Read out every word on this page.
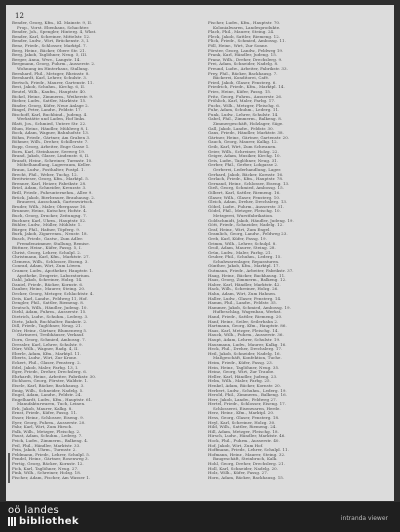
12
Bender, Georg, Kfm., Kl. Mainstr. 9, II.
Prop., Vorst. Ebenhans, Schachter.
Bender, Joh., Spengler, Hinterg. 4, Wkst.
Bender, Karl, Schreiner, Mittelstr. 12.
Bender, Ludw., Wirt, Brückenstr. 3, I.
Benz, Friedr., Schlosser, Marktpl. 7.
Berg, Heinr., Bäcker, Obere Str. 21.
Berg, Jakob, Taglöhner, Neug. 5, III.
Berger, Anna, Wwe., Langstr. 14.
Bergmann, Georg, Fuhrm., Ausserstr. 2.
Wohnung im Hinterhaus, Stallung.
Bernhard, Phil., Metzger, Rheinstr. 8.
Bernhardt, Karl, Lehrer, Schulstr. 3.
Bertsch, Friedr., Maurer, Gartenstr. 11.
Best, Jakob, Schuhm., Kirchg. 6, II.
Beutel, Wilh., Kaufm., Hauptstr. 40.
Bickel, Heinr., Zimmerm., Weiherstr. 9.
Bieber, Ludw., Sattler, Marktstr. 15.
Binder, Georg, Küfer, Neue Anlage 2.
Bingel, Peter, Landw., Feldstr. 17.
Bischoff, Karl, Buchbind., Judeng. 4.
Werkstätte und Laden, Hof links.
Blatt, Jos., Schmied, Untere Str. 22.
Blum, Heinr., Händler, Mühlweg 8, I.
Bock, Adam, Wagner, Bahnhofstr. 13.
Böhm, Friedr., Gärtner, Am Graben 3.
Böhmer, Wilh., Dreher, Schillerstr. 7.
Bopp, Georg, Arbeiter, Enge Gasse 1.
Born, Karl, Steinhauer, Seeweg 19.
Brand, Jakob, Glaser, Lindenstr. 6, II.
Brandt, Heinr., Schreiner, Turmstr. 10.
Möbelhandlung, Lagerraum, Keller.
Braun, Ludw., Posthalter, Postpl. 1.
Brecht, Phil., Weber, Tuchg. 12.
Breitwieser, Georg, Kfm., Marktpl. 5.
Brenner, Karl, Heizer, Fabrikstr. 28.
Briel, Adam, Schneider, Kreuzstr. 3.
Brill, Friedr., Fuhrunternehm., Allee 9.
Brück, Jakob, Bierbrauer, Brauhausg. 2.
Brauerei, Ausschank, Gartenwirtsch.
Bruder, Wilh., Maler, Obergasse 16.
Brunner, Heinr., Kutscher, Hofstr. 4.
Buch, Georg, Drucker, Zeitungsg. 7.
Buchner, Karl, Uhrm., Hauptstr. 52.
Bühler, Ludw., Müller, Mühlstr. 1.
Bürger, Phil., Hafner, Töpferg. 9.
Burk, Jakob, Zigarrenm., Neustr. 18.
Busch, Friedr., Gastw., Zum Adler.
Fremdenzimmer, Stallung, Remise.
Büttner, Heinr., Küfer, Fassg. 5, I.
Christ, Georg, Lehrer, Schulpl. 2.
Christmann, Karl, Kfm., Marktstr. 27.
Clemens, Wilh., Schlosser, Eiseng. 3.
Conrad, Adam, Wirt, Zum Löwen.
Cramer, Ludw., Apotheker, Hauptstr. 1.
Apotheke, Drogerie, Laboratorium.
Dahl, Jakob, Schreiner, Holzg. 14.
Daniel, Friedr., Bäcker, Kornstr. 6.
Dauber, Heinr., Maurer, Steing. 20.
Decker, Georg, Metzger, Schlachtstr. 4.
Deis, Karl, Landw., Feldweg 11, Hof.
Dengler, Phil., Sattler, Riemeng. 8.
Deutsch, Wilh., Händler, Judeng. 10.
Diehl, Adam, Fuhrm., Ausserstr. 15.
Dietrich, Ludw., Schuhm., Lederg. 3.
Dietz, Jakob, Buchhalter, Bankstr. 2.
Dill, Friedr., Taglöhner, Neug. 21.
Dörr, Heinr., Gärtner, Blumenweg 5.
Gärtnerei, Treibhäuser, Verkauf.
Dorn, Georg, Schmied, Ambossg. 7.
Dressler, Karl, Lehrer, Schulstr. 9.
Dürr, Wilh., Wagner, Radg. 4, II.
Eberle, Adam, Kfm., Marktpl. 11.
Eberts, Ludw., Wirt, Zur Krone.
Eckert, Phil., Glaser, Fensterg. 2.
Edel, Jakob, Maler, Farbg. 13, I.
Eger, Friedr., Dreher, Drechslerg. 6.
Ehrhardt, Heinr., Arbeiter, Fabrikstr. 30.
Eichhorn, Georg, Förster, Waldstr. 1.
Eisele, Karl, Bäcker, Backhausg. 3.
Emig, Wilh., Schneider, Nadelg. 5.
Engel, Adam, Landw., Feldstr. 24.
Engelhardt, Ludw., Kfm., Hauptstr. 61.
Manufakturwaren, Tuch, Leinen.
Erb, Jakob, Maurer, Kalkg. 8.
Ernst, Friedr., Küfer, Fassg. 11.
Esser, Heinr., Schlosser, Eiseng. 9.
Eyer, Georg, Fuhrm., Ausserstr. 20.
Fahr, Karl, Wirt, Zum Hirsch.
Falk, Wilh., Metzger, Fleischg. 2.
Faust, Adam, Schuhm., Lederg. 7.
Feick, Ludw., Zimmerm., Balkeng. 4.
Feil, Phil., Händler, Marktstr. 33.
Fein, Jakob, Uhrm., Turmstr. 2.
Feldmann, Friedr., Lehrer, Schulpl. 5.
Fendel, Heinr., Gärtner, Rosenweg 3.
Fertig, Georg, Bäcker, Kornstr. 12.
Fick, Karl, Taglöhner, Neug. 27.
Fink, Wilh., Schreiner, Holzg. 18.
Fischer, Adam, Fischer, Am Wasser 1.
Fischer, Ludw., Kfm., Hauptstr. 70.
Kolonialwaren, Landesprodukte.
Flach, Phil., Maurer, Steing. 24.
Fleck, Jakob, Sattler, Riemeng. 12.
Flick, Friedr., Schmied, Ambossg. 11.
Föll, Heinr., Wirt, Zur Sonne.
Förster, Georg, Landw., Feldweg 19.
Frank, Karl, Händler, Judeng. 15.
Franz, Wilh., Dreher, Drechslerg. 9.
Frei, Adam, Schneider, Nadelg. 8.
Freund, Ludw., Arbeiter, Fabrikstr. 33.
Frey, Phil., Bäcker, Backhausg. 7.
Bäckerei, Konditorei, Café.
Fried, Jakob, Glaser, Fensterg. 6.
Friedrich, Friedr., Kfm., Marktpl. 14.
Fries, Heinr., Küfer, Fassg. 15.
Fritz, Georg, Fuhrm., Ausserstr. 26.
Fröhlich, Karl, Maler, Farbg. 17.
Fuchs, Wilh., Metzger, Fleischg. 6.
Fuhr, Adam, Schuhm., Lederg. 11.
Funk, Ludw., Lehrer, Schulstr. 14.
Gabel, Phil., Zimmerm., Balkeng. 8.
Zimmergeschäft, Holzlager, Säge.
Gall, Jakob, Landw., Feldstr. 30.
Gans, Friedr., Händler, Marktstr. 38.
Gärtner, Heinr., Gärtner, Gartenstr. 20.
Gauch, Georg, Maurer, Kalkg. 12.
Geib, Karl, Wirt, Zum Schwanen.
Geier, Wilh., Schreiner, Holzg. 22.
Geiger, Adam, Musiker, Kirchg. 10.
Geis, Ludw., Taglöhner, Neug. 31.
Gerber, Phil., Gerber, Lohgasse 2.
Gerberei, Lederhandlung, Lager.
Gerhard, Jakob, Bäcker, Kornstr. 16.
Gerlach, Friedr., Kfm., Hauptstr. 78.
Gernand, Heinr., Schlosser, Eiseng. 13.
Gieß, Georg, Schmied, Ambossg. 15.
Gilbert, Karl, Sattler, Riemeng. 16.
Glaser, Wilh., Glaser, Fensterg. 10.
Gleich, Adam, Dreher, Drechslerg. 13.
Göbel, Ludw., Fuhrm., Ausserstr. 31.
Gödel, Phil., Metzger, Fleischg. 10.
Metzgerei, Wurstfabrikation.
Goldschmidt, Jakob, Händler, Judeng. 19.
Gött, Friedr., Schneider, Nadelg. 12.
Graf, Heinr., Wirt, Zum Engel.
Gramlich, Georg, Landw., Feldweg 23.
Greb, Karl, Küfer, Fassg. 19.
Grimm, Wilh., Lehrer, Schulpl. 8.
Groß, Adam, Maurer, Steing. 28.
Grün, Ludw., Maler, Farbg. 21.
Gruber, Phil., Schuhm., Lederg. 15.
Schuhwarenlager, Reparaturen.
Günther, Jakob, Kfm., Marktpl. 17.
Gutmann, Friedr., Arbeiter, Fabrikstr. 37.
Haag, Heinr., Bäcker, Backhausg. 11.
Haas, Georg, Zimmerm., Balkeng. 12.
Haber, Karl, Händler, Marktstr. 42.
Hack, Wilh., Schreiner, Holzg. 26.
Hahn, Adam, Wirt, Zum Hahnen.
Haller, Ludw., Glaser, Fensterg. 14.
Hamm, Phil., Landw., Feldstr. 35.
Hammer, Jakob, Schmied, Ambossg. 19.
Hufbeschlag, Wagenbau, Werkst.
Hand, Friedr., Sattler, Riemeng. 20.
Hanf, Heinr., Seiler, Seilerbahn 2.
Hartmann, Georg, Kfm., Hauptstr. 86.
Haas, Karl, Metzger, Fleischg. 14.
Hauck, Wilh., Fuhrm., Ausserstr. 36.
Haupt, Adam, Lehrer, Schulstr. 19.
Hausmann, Ludw., Maurer, Kalkg. 16.
Heck, Phil., Dreher, Drechslerg. 17.
Heil, Jakob, Schneider, Nadelg. 16.
Maßgeschäft, Konfektion, Tuche.
Heim, Friedr., Küfer, Fassg. 23.
Hein, Heinr., Taglöhner, Neug. 35.
Heinz, Georg, Wirt, Zur Traube.
Heller, Karl, Händler, Judeng. 23.
Helm, Wilh., Maler, Farbg. 25.
Henkel, Adam, Bäcker, Kornstr. 20.
Herbert, Ludw., Schuhm., Lederg. 19.
Herold, Phil., Zimmerm., Balkeng. 16.
Herr, Jakob, Landw., Feldweg 27.
Hertel, Friedr., Schlosser, Eiseng. 17.
Schlosserei, Eisenwaren, Herde.
Herz, Heinr., Kfm., Marktpl. 20.
Hess, Georg, Glaser, Fensterg. 18.
Heyl, Karl, Schreiner, Holzg. 30.
Hild, Wilh., Sattler, Riemeng. 24.
Hill, Adam, Metzger, Fleischg. 18.
Hirsch, Ludw., Händler, Marktstr. 46.
Hock, Phil., Fuhrm., Ausserstr. 40.
Hof, Jakob, Wirt, Zum Hof.
Hoffmann, Friedr., Lehrer, Schulpl. 11.
Hofmann, Heinr., Maurer, Steing. 32.
Baugeschäft, Steinbruch, Kalk.
Hohl, Georg, Dreher, Drechslerg. 21.
Holl, Karl, Schneider, Nadelg. 20.
Holz, Wilh., Küfer, Fassg. 27.
Horn, Adam, Bäcker, Backhausg. 15.
oö landes
bibliothek	intranda viewer
